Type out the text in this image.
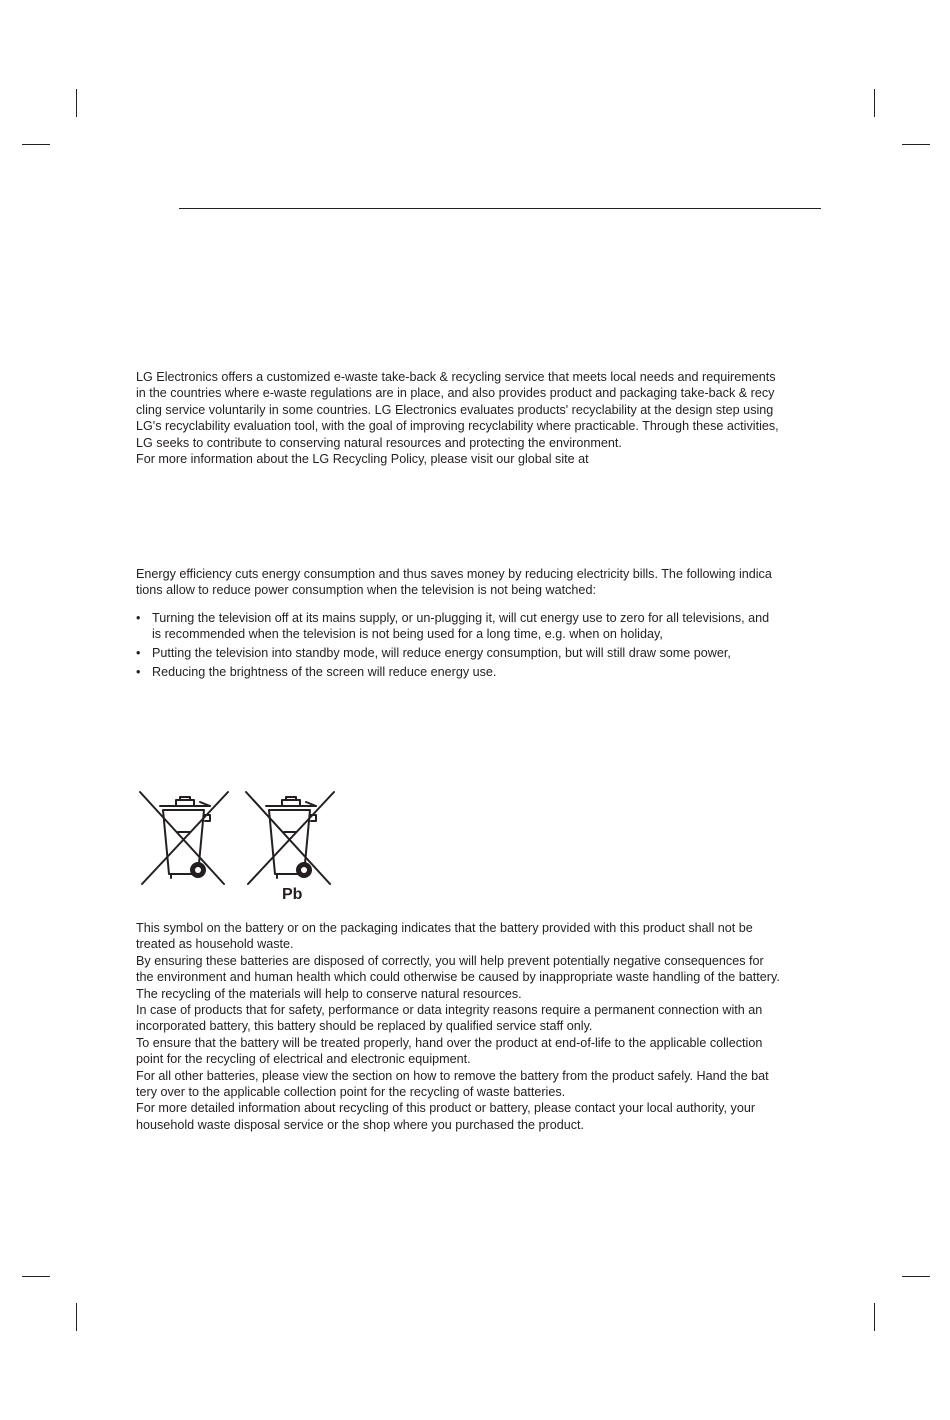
LG Electronics offers a customized e-waste take-back & recycling service that meets local needs and requirements

in the countries where e-waste regulations are in place, and also provides product and packaging take-back & recy

cling service voluntarily in some countries. LG Electronics evaluates products' recyclability at the design step using

LG's recyclability evaluation tool, with the goal of improving recyclability where practicable. Through these activities,

LG seeks to contribute to conserving natural resources and protecting the environment.

For more information about the LG Recycling Policy, please visit our global site at

Energy efficiency cuts energy consumption and thus saves money by reducing electricity bills. The following indica

tions allow to reduce power consumption when the television is not being watched:

• Turning the television off at its mains supply, or un-plugging it, will cut energy use to zero for all televisions, and
is recommended when the television is not being used for a long time, e.g. when on holiday,
• Putting the television into standby mode, will reduce energy consumption, but will still draw some power,
• Reducing the brightness of the screen will reduce energy use.
Pb

This symbol on the battery or on the packaging indicates that the battery provided with this product shall not be

treated as household waste.

By ensuring these batteries are disposed of correctly, you will help prevent potentially negative consequences for

the environment and human health which could otherwise be caused by inappropriate waste handling of the battery.

The recycling of the materials will help to conserve natural resources.

In case of products that for safety, performance or data integrity reasons require a permanent connection with an

incorporated battery, this battery should be replaced by qualified service staff only.

To ensure that the battery will be treated properly, hand over the product at end-of-life to the applicable collection

point for the recycling of electrical and electronic equipment.

For all other batteries, please view the section on how to remove the battery from the product safely. Hand the bat

tery over to the applicable collection point for the recycling of waste batteries.

For more detailed information about recycling of this product or battery, please contact your local authority, your

household waste disposal service or the shop where you purchased the product.
